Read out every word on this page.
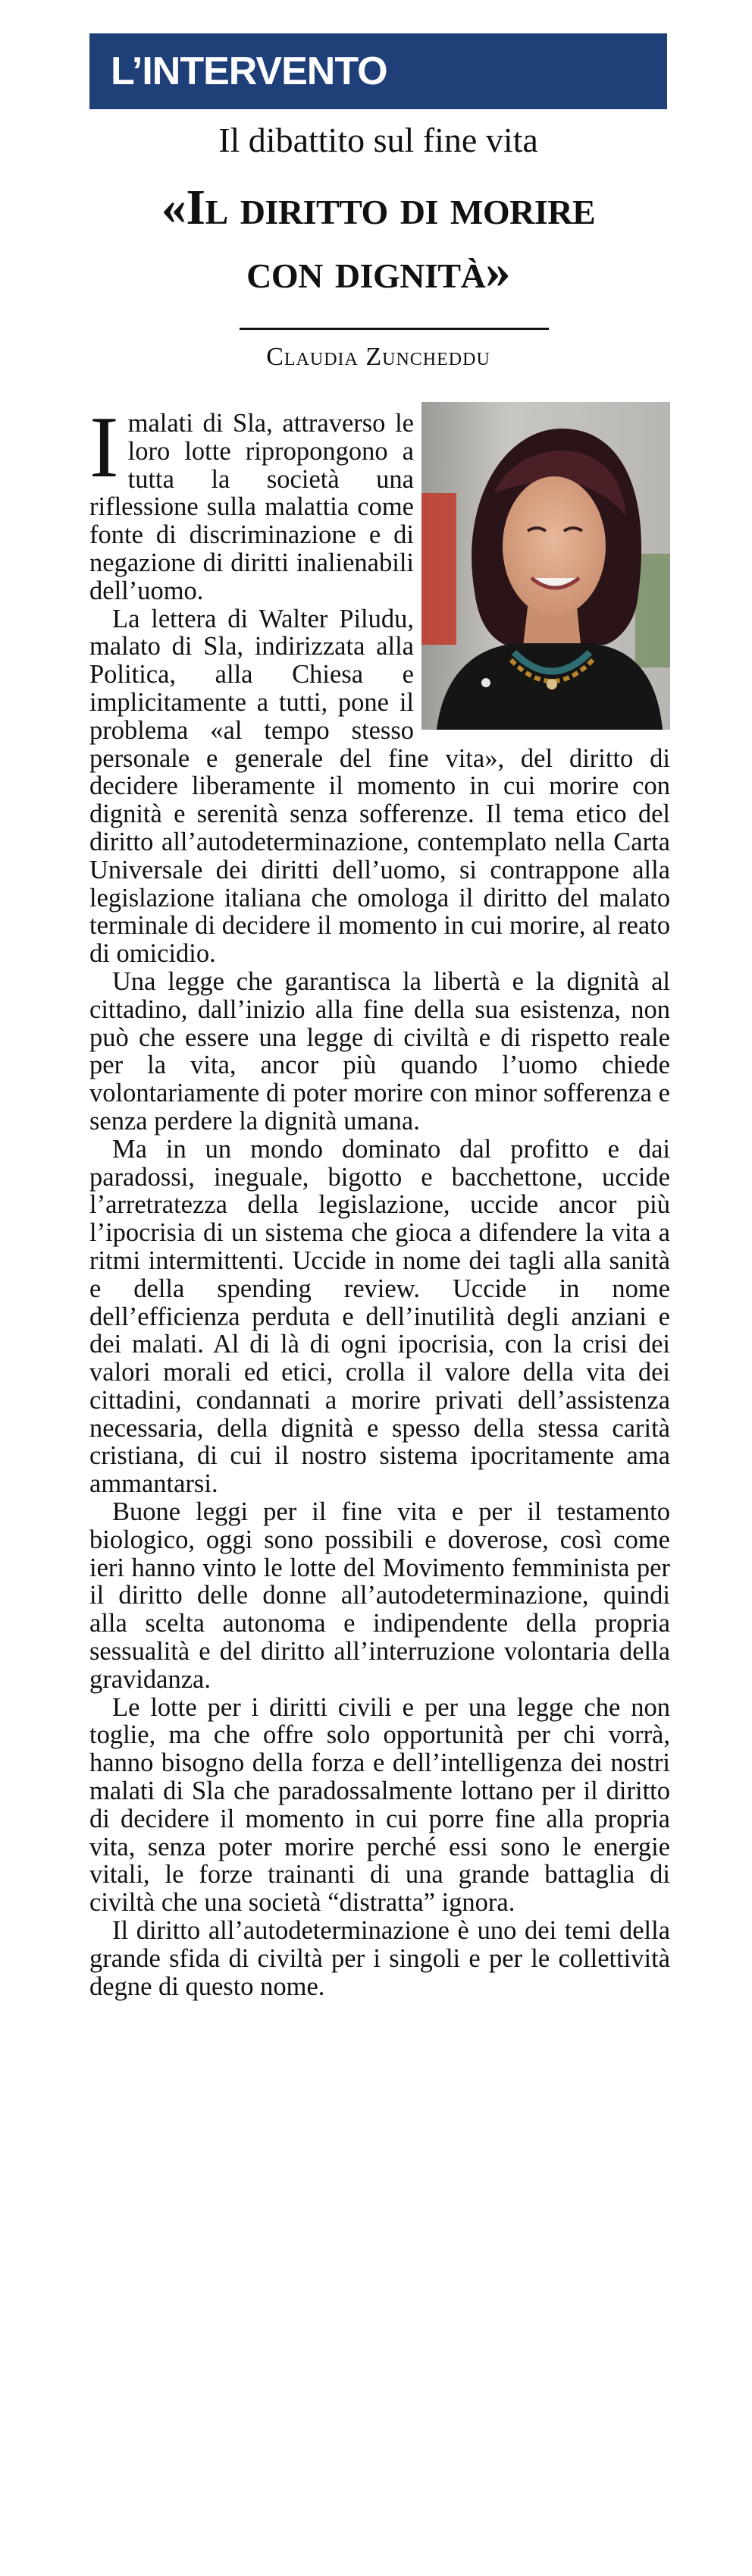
L’INTERVENTO
Il dibattito sul fine vita
«Il diritto di morire
con dignità»
Claudia Zuncheddu

I malati di Sla, attraverso le loro lotte ripropongono a tutta la società una riflessione sulla malattia come fonte di discriminazione e di negazione di diritti inalienabili dell’uomo.

La lettera di Walter Piludu, malato di Sla, indirizzata alla Politica, alla Chiesa e implicitamente a tutti, pone il problema «al tempo stesso personale e generale del fine vita», del diritto di decidere liberamente il momento in cui morire con dignità e serenità senza sofferenze. Il tema etico del diritto all’autodeterminazione, contemplato nella Carta Universale dei diritti dell’uomo, si contrappone alla legislazione italiana che omologa il diritto del malato terminale di decidere il momento in cui morire, al reato di omicidio.

Una legge che garantisca la libertà e la dignità al cittadino, dall’inizio alla fine della sua esistenza, non può che essere una legge di civiltà e di rispetto reale per la vita, ancor più quando l’uomo chiede volontariamente di poter morire con minor sofferenza e senza perdere la dignità umana.

Ma in un mondo dominato dal profitto e dai paradossi, ineguale, bigotto e bacchettone, uccide l’arretratezza della legislazione, uccide ancor più l’ipocrisia di un sistema che gioca a difendere la vita a ritmi intermittenti. Uccide in nome dei tagli alla sanità e della spending review. Uccide in nome dell’efficienza perduta e dell’inutilità degli anziani e dei malati. Al di là di ogni ipocrisia, con la crisi dei valori morali ed etici, crolla il valore della vita dei cittadini, condannati a morire privati dell’assistenza necessaria, della dignità e spesso della stessa carità cristiana, di cui il nostro sistema ipocritamente ama ammantarsi.

Buone leggi per il fine vita e per il testamento biologico, oggi sono possibili e doverose, così come ieri hanno vinto le lotte del Movimento femminista per il diritto delle donne all’autodeterminazione, quindi alla scelta autonoma e indipendente della propria sessualità e del diritto all’interruzione volontaria della gravidanza.

Le lotte per i diritti civili e per una legge che non toglie, ma che offre solo opportunità per chi vorrà, hanno bisogno della forza e dell’intelligenza dei nostri malati di Sla che paradossalmente lottano per il diritto di decidere il momento in cui porre fine alla propria vita, senza poter morire perché essi sono le energie vitali, le forze trainanti di una grande battaglia di civiltà che una società “distratta” ignora.

Il diritto all’autodeterminazione è uno dei temi della grande sfida di civiltà per i singoli e per le collettività degne di questo nome.
